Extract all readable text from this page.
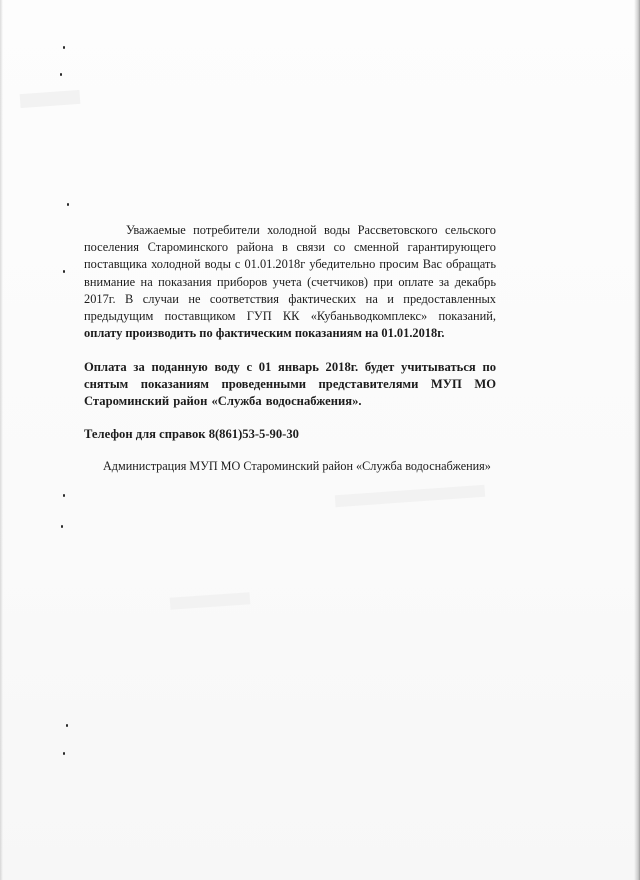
Уважаемые потребители холодной воды Рассветовского сельского поселения Староминского района в связи со сменной гарантирующего поставщика холодной воды с 01.01.2018г убедительно просим Вас обращать внимание на показания приборов учета (счетчиков) при оплате за декабрь 2017г. В случаи не соответствия фактических на и предоставленных предыдущим поставщиком ГУП КК «Кубаньводкомплекс» показаний, оплату производить по фактическим показаниям на 01.01.2018г.

Оплата за поданную воду с 01 январь 2018г. будет учитываться по снятым показаниям проведенными представителями МУП МО Староминский район «Служба водоснабжения».

Телефон для справок 8(861)53-5-90-30

Администрация МУП МО Староминский район «Служба водоснабжения»
